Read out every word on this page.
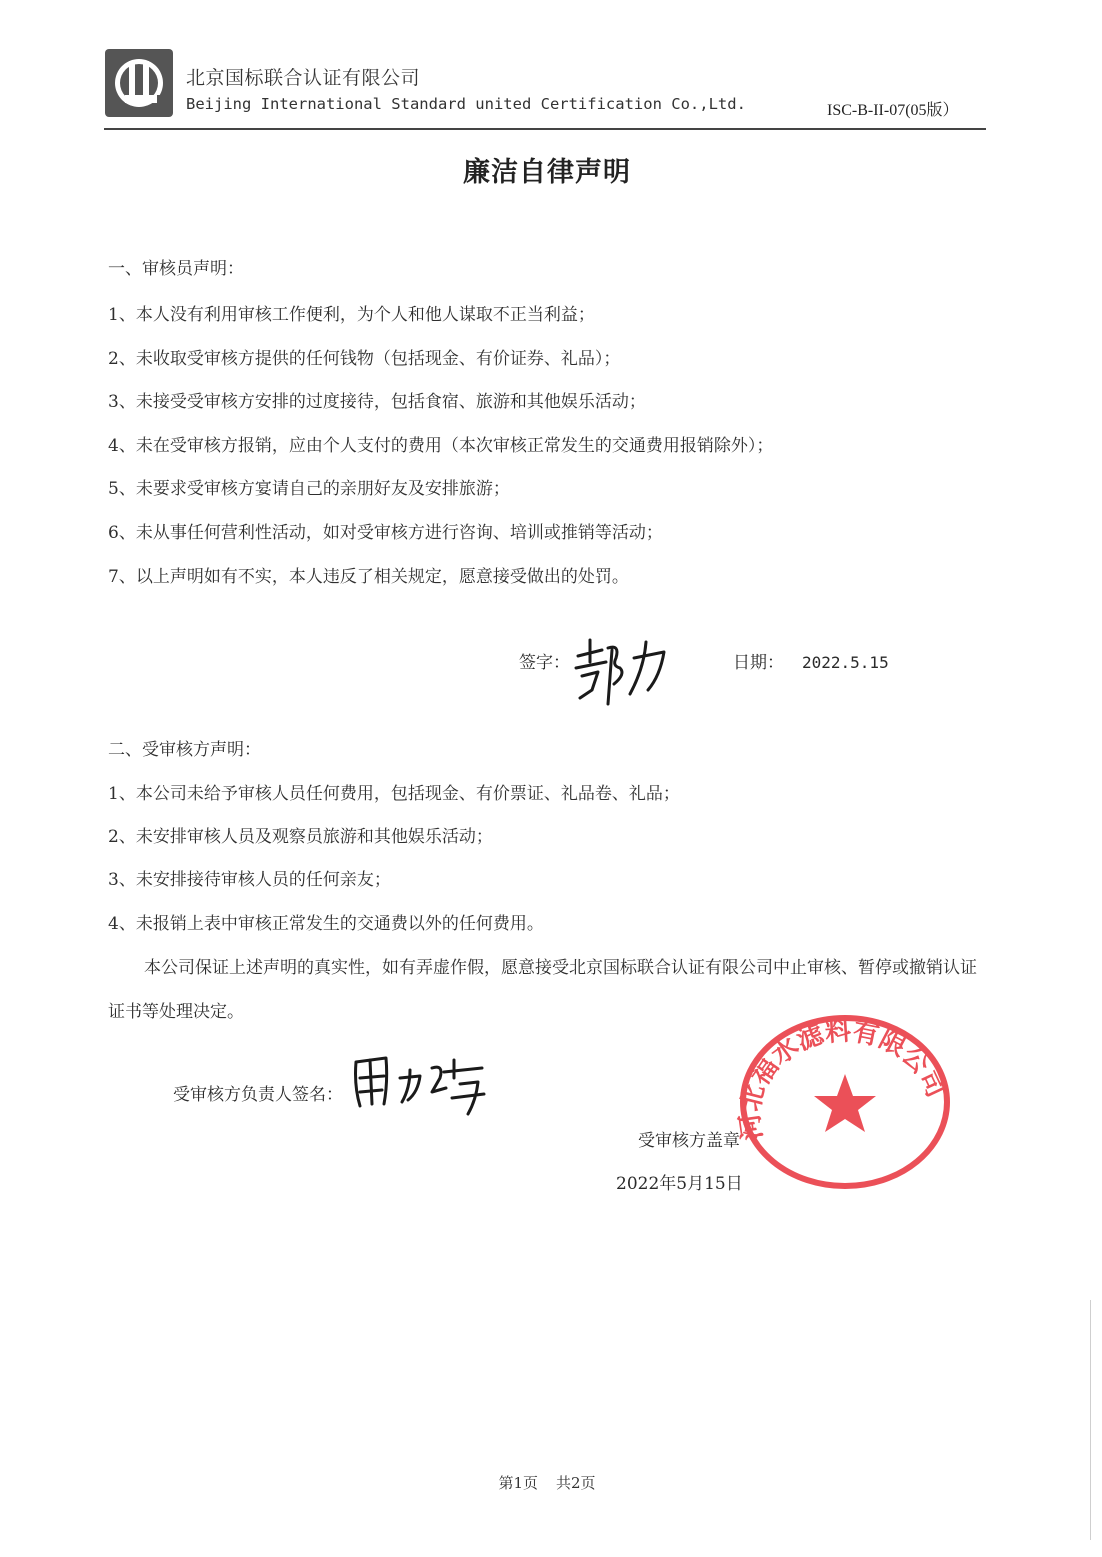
北京国标联合认证有限公司
Beijing International Standard united Certification Co.,Ltd.	ISC-B-II-07(05版）
廉洁自律声明
一、审核员声明：
1、本人没有利用审核工作便利，为个人和他人谋取不正当利益；
2、未收取受审核方提供的任何钱物（包括现金、有价证券、礼品）；
3、未接受受审核方安排的过度接待，包括食宿、旅游和其他娱乐活动；
4、未在受审核方报销，应由个人支付的费用（本次审核正常发生的交通费用报销除外）；
5、未要求受审核方宴请自己的亲朋好友及安排旅游；
6、未从事任何营利性活动，如对受审核方进行咨询、培训或推销等活动；
7、以上声明如有不实，本人违反了相关规定，愿意接受做出的处罚。
签字：	日期： 2022.5.15
二、受审核方声明：
1、本公司未给予审核人员任何费用，包括现金、有价票证、礼品卷、礼品；
2、未安排审核人员及观察员旅游和其他娱乐活动；
3、未安排接待审核人员的任何亲友；
4、未报销上表中审核正常发生的交通费以外的任何费用。
本公司保证上述声明的真实性，如有弄虚作假，愿意接受北京国标联合认证有限公司中止审核、暂停或撤销认证证书等处理决定。
受审核方负责人签名：
河北福水滤料有限公司
受审核方盖章
2022年5月15日
第1页 共2页
